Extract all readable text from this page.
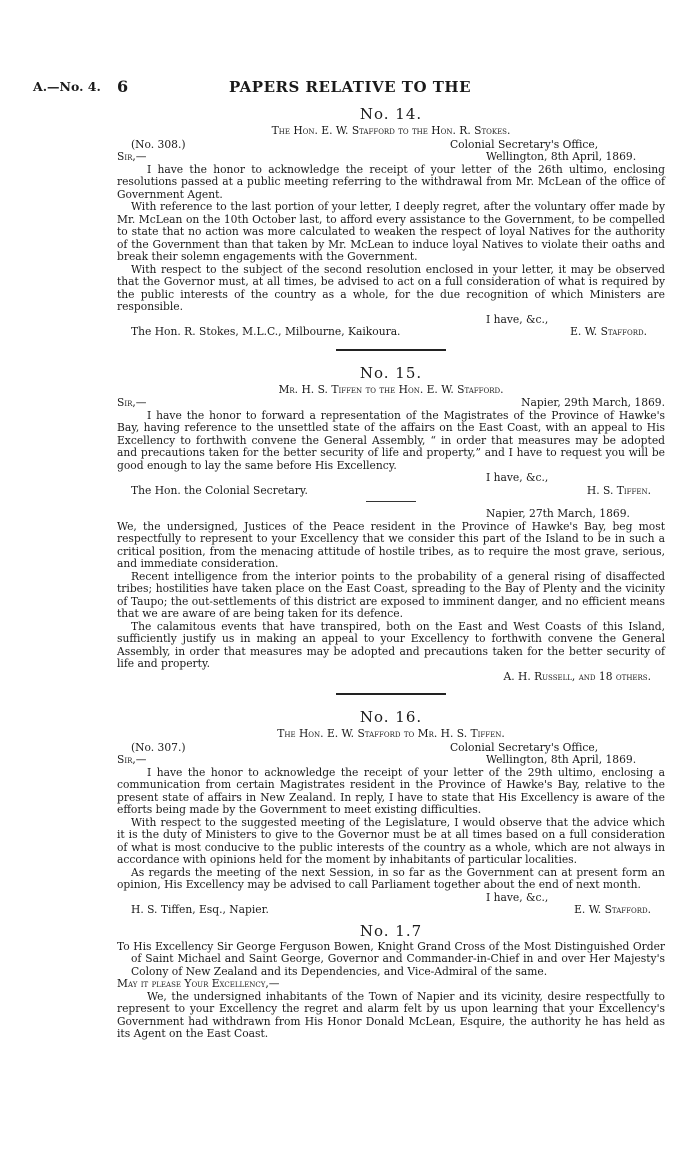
A.—No. 4. 6	PAPERS RELATIVE TO THE
No. 14.
The Hon. E. W. Stafford to the Hon. R. Stokes.
(No. 308.)	Colonial Secretary's Office,
Sir,—	Wellington, 8th April, 1869.

I have the honor to acknowledge the receipt of your letter of the 26th ultimo, enclosing resolutions passed at a public meeting referring to the withdrawal from Mr. McLean of the office of Government Agent.

With reference to the last portion of your letter, I deeply regret, after the voluntary offer made by Mr. McLean on the 10th October last, to afford every assistance to the Government, to be compelled to state that no action was more calculated to weaken the respect of loyal Natives for the authority of the Government than that taken by Mr. McLean to induce loyal Natives to violate their oaths and break their solemn engagements with the Government.

With respect to the subject of the second resolution enclosed in your letter, it may be observed that the Governor must, at all times, be advised to act on a full consideration of what is required by the public interests of the country as a whole, for the due recognition of which Ministers are responsible.

I have, &c.,
The Hon. R. Stokes, M.L.C., Milbourne, Kaikoura.	E. W. Stafford.
No. 15.
Mr. H. S. Tiffen to the Hon. E. W. Stafford.
Sir,—	Napier, 29th March, 1869.

I have the honor to forward a representation of the Magistrates of the Province of Hawke's Bay, having reference to the unsettled state of the affairs on the East Coast, with an appeal to His Excellency to forthwith convene the General Assembly, “ in order that measures may be adopted and precautions taken for the better security of life and property,” and I have to request you will be good enough to lay the same before His Excellency.

I have, &c.,
The Hon. the Colonial Secretary.	H. S. Tiffen.
Napier, 27th March, 1869.

We, the undersigned, Justices of the Peace resident in the Province of Hawke's Bay, beg most respectfully to represent to your Excellency that we consider this part of the Island to be in such a critical position, from the menacing attitude of hostile tribes, as to require the most grave, serious, and immediate consideration.

Recent intelligence from the interior points to the probability of a general rising of disaffected tribes; hostilities have taken place on the East Coast, spreading to the Bay of Plenty and the vicinity of Taupo; the out-settlements of this district are exposed to imminent danger, and no efficient means that we are aware of are being taken for its defence.

The calamitous events that have transpired, both on the East and West Coasts of this Island, sufficiently justify us in making an appeal to your Excellency to forthwith convene the General Assembly, in order that measures may be adopted and precautions taken for the better security of life and property.

A. H. Russell, and 18 others.
No. 16.
The Hon. E. W. Stafford to Mr. H. S. Tiffen.
(No. 307.)	Colonial Secretary's Office,
Sir,—	Wellington, 8th April, 1869.

I have the honor to acknowledge the receipt of your letter of the 29th ultimo, enclosing a communication from certain Magistrates resident in the Province of Hawke's Bay, relative to the present state of affairs in New Zealand. In reply, I have to state that His Excellency is aware of the efforts being made by the Government to meet existing difficulties.

With respect to the suggested meeting of the Legislature, I would observe that the advice which it is the duty of Ministers to give to the Governor must be at all times based on a full consideration of what is most conducive to the public interests of the country as a whole, which are not always in accordance with opinions held for the moment by inhabitants of particular localities.

As regards the meeting of the next Session, in so far as the Government can at present form an opinion, His Excellency may be advised to call Parliament together about the end of next month.

I have, &c.,
H. S. Tiffen, Esq., Napier.	E. W. Stafford.
No. 1.7

To His Excellency Sir George Ferguson Bowen, Knight Grand Cross of the Most Distinguished Order of Saint Michael and Saint George, Governor and Commander-in-Chief in and over Her Majesty's Colony of New Zealand and its Dependencies, and Vice-Admiral of the same.

May it please Your Excellency,—

We, the undersigned inhabitants of the Town of Napier and its vicinity, desire respectfully to represent to your Excellency the regret and alarm felt by us upon learning that your Excellency's Government had withdrawn from His Honor Donald McLean, Esquire, the authority he has held as its Agent on the East Coast.
